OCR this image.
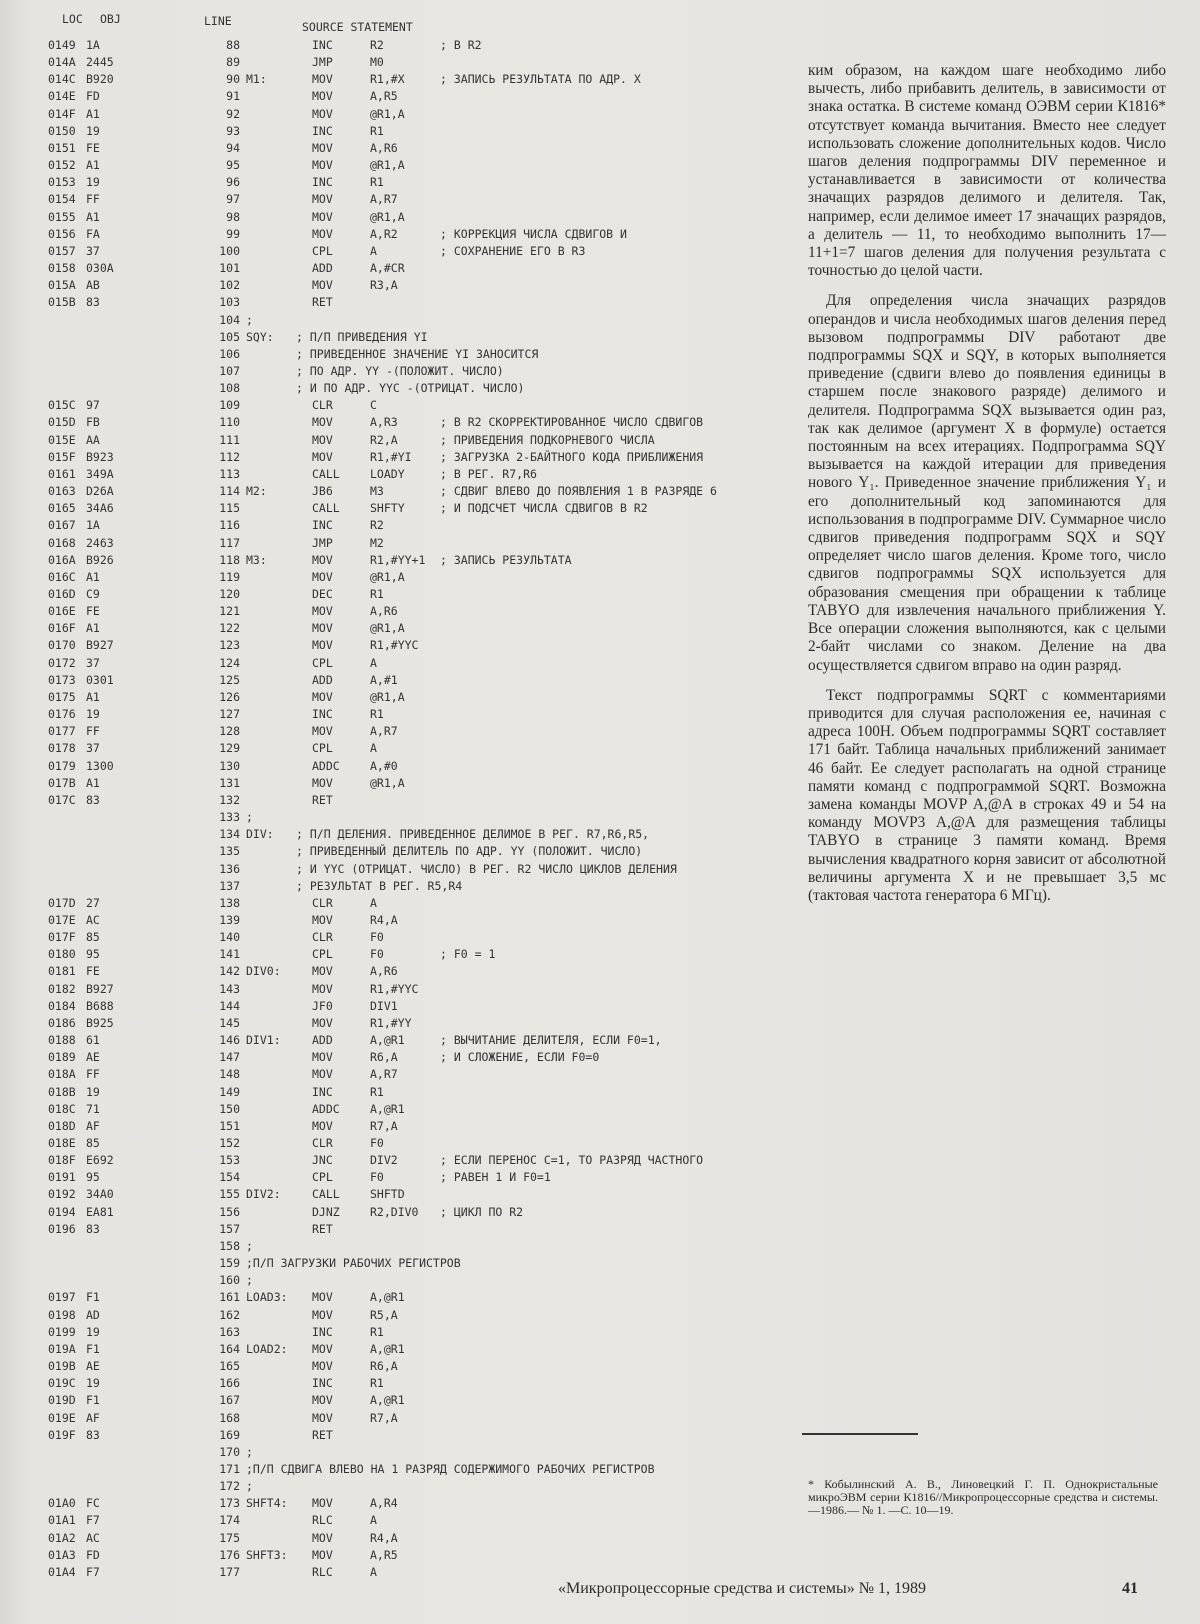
LOC OBJ	LINE	SOURCE STATEMENT
0149 1A	88	INC	R2	; В R2
014A 2445	89	JMP	M0
014C B920	90 M1:	MOV	R1,#X	; ЗАПИСЬ РЕЗУЛЬТАТА ПО АДР. X
014E FD	91	MOV	A,R5
014F A1	92	MOV	@R1,A
0150 19	93	INC	R1
0151 FE	94	MOV	A,R6
0152 A1	95	MOV	@R1,A
0153 19	96	INC	R1
0154 FF	97	MOV	A,R7
0155 A1	98	MOV	@R1,A
0156 FA	99	MOV	A,R2	; КОРРЕКЦИЯ ЧИСЛА СДВИГОВ И
0157 37	100	CPL	A	; СОХРАНЕНИЕ ЕГО В R3
0158 030A	101	ADD	A,#CR
015A AB	102	MOV	R3,A
015B 83	103	RET
104 ;
105 SQY: ; П/П ПРИВЕДЕНИЯ YI
106	; ПРИВЕДЕННОЕ ЗНАЧЕНИЕ YI ЗАНОСИТСЯ
107	; ПО АДР. YY -(ПОЛОЖИТ. ЧИСЛО)
108	; И ПО АДР. YYC -(ОТРИЦАТ. ЧИСЛО)
015C 97	109	CLR	C
015D FB	110	MOV	A,R3	; В R2 СКОРРЕКТИРОВАННОЕ ЧИСЛО СДВИГОВ
015E AA	111	MOV	R2,A	; ПРИВЕДЕНИЯ ПОДКОРНЕВОГО ЧИСЛА
015F B923	112	MOV	R1,#YI ; ЗАГРУЗКА 2-БАЙТНОГО КОДА ПРИБЛИЖЕНИЯ
0161 349A	113	CALL	LOADY	; В РЕГ. R7,R6
0163 D26A	114 M2:	JB6	M3	; СДВИГ ВЛЕВО ДО ПОЯВЛЕНИЯ 1 В РАЗРЯДЕ 6
0165 34A6	115	CALL	SHFTY	; И ПОДСЧЕТ ЧИСЛА СДВИГОВ В R2
0167 1A	116	INC	R2
0168 2463	117	JMP	M2
016A B926	118 M3:	MOV	R1,#YY+1 ; ЗАПИСЬ РЕЗУЛЬТАТА
016C A1	119	MOV	@R1,A
016D C9	120	DEC	R1
016E FE	121	MOV	A,R6
016F A1	122	MOV	@R1,A
0170 B927	123	MOV	R1,#YYC
0172 37	124	CPL	A
0173 0301	125	ADD	A,#1
0175 A1	126	MOV	@R1,A
0176 19	127	INC	R1
0177 FF	128	MOV	A,R7
0178 37	129	CPL	A
0179 1300	130	ADDC	A,#0
017B A1	131	MOV	@R1,A
017C 83	132	RET
133 ;
134 DIV: ; П/П ДЕЛЕНИЯ. ПРИВЕДЕННОЕ ДЕЛИМОЕ В РЕГ. R7,R6,R5,
135	; ПРИВЕДЕННЫЙ ДЕЛИТЕЛЬ ПО АДР. YY (ПОЛОЖИТ. ЧИСЛО)
136	; И YYC (ОТРИЦАТ. ЧИСЛО) В РЕГ. R2 ЧИСЛО ЦИКЛОВ ДЕЛЕНИЯ
137	; РЕЗУЛЬТАТ В РЕГ. R5,R4
017D 27	138	CLR	A
017E AC	139	MOV	R4,A
017F 85	140	CLR	F0
0180 95	141	CPL	F0	; F0 = 1
0181 FE	142 DIV0:	MOV	A,R6
0182 B927	143	MOV	R1,#YYC
0184 B688	144	JF0	DIV1
0186 B925	145	MOV	R1,#YY
0188 61	146 DIV1:	ADD	A,@R1	; ВЫЧИТАНИЕ ДЕЛИТЕЛЯ, ЕСЛИ F0=1,
0189 AE	147	MOV	R6,A	; И СЛОЖЕНИЕ, ЕСЛИ F0=0
018A FF	148	MOV	A,R7
018B 19	149	INC	R1
018C 71	150	ADDC	A,@R1
018D AF	151	MOV	R7,A
018E 85	152	CLR	F0
018F E692	153	JNC	DIV2	; ЕСЛИ ПЕРЕНОС C=1, ТО РАЗРЯД ЧАСТНОГО
0191 95	154	CPL	F0	; РАВЕН 1 И F0=1
0192 34A0	155 DIV2:	CALL	SHFTD
0194 EA81	156	DJNZ	R2,DIV0 ; ЦИКЛ ПО R2
0196 83	157	RET
158 ;
159 ;П/П ЗАГРУЗКИ РАБОЧИХ РЕГИСТРОВ
160 ;
0197 F1	161 LOAD3: MOV	A,@R1
0198 AD	162	MOV	R5,A
0199 19	163	INC	R1
019A F1	164 LOAD2: MOV	A,@R1
019B AE	165	MOV	R6,A
019C 19	166	INC	R1
019D F1	167	MOV	A,@R1
019E AF	168	MOV	R7,A
019F 83	169	RET
170 ;
171 ;П/П СДВИГА ВЛЕВО НА 1 РАЗРЯД СОДЕРЖИМОГО РАБОЧИХ РЕГИСТРОВ
172 ;
01A0 FC	173 SHFT4: MOV	A,R4
01A1 F7	174	RLC	A
01A2 AC	175	MOV	R4,A
01A3 FD	176 SHFT3: MOV	A,R5
01A4 F7	177	RLC	A

ким образом, на каждом шаге необходимо либо вычесть, либо прибавить делитель, в зависимости от знака остатка. В системе команд ОЭВМ серии К1816* отсутствует команда вычитания. Вместо нее следует использовать сложение дополнительных кодов. Число шагов деления подпрограммы DIV переменное и устанавливается в зависимости от количества значащих разрядов делимого и делителя. Так, например, если делимое имеет 17 значащих разрядов, а делитель — 11, то необходимо выполнить 17—11+1=7 шагов деления для получения результата с точностью до целой части.

Для определения числа значащих разрядов операндов и числа необходимых шагов деления перед вызовом подпрограммы DIV работают две подпрограммы SQX и SQY, в которых выполняется приведение (сдвиги влево до появления единицы в старшем после знакового разряде) делимого и делителя. Подпрограмма SQX вызывается один раз, так как делимое (аргумент X в формуле) остается постоянным на всех итерациях. Подпрограмма SQY вызывается на каждой итерации для приведения нового Y₁. Приведенное значение приближения Y₁ и его дополнительный код запоминаются для использования в подпрограмме DIV. Суммарное число сдвигов приведения подпрограмм SQX и SQY определяет число шагов деления. Кроме того, число сдвигов подпрограммы SQX используется для образования смещения при обращении к таблице TABYO для извлечения начального приближения Y. Все операции сложения выполняются, как с целыми 2-байт числами со знаком. Деление на два осуществляется сдвигом вправо на один разряд.

Текст подпрограммы SQRT с комментариями приводится для случая расположения ее, начиная с адреса 100H. Объем подпрограммы SQRT составляет 171 байт. Таблица начальных приближений занимает 46 байт. Ее следует располагать на одной странице памяти команд с подпрограммой SQRT. Возможна замена команды MOVP A,@A в строках 49 и 54 на команду MOVP3 A,@A для размещения таблицы TABYO в странице 3 памяти команд. Время вычисления квадратного корня зависит от абсолютной величины аргумента X и не превышает 3,5 мс (тактовая частота генератора 6 МГц).

* Кобылинский А. В., Линовецкий Г. П. Однокристальные микроЭВМ серии К1816//Микропроцессорные средства и системы.—1986.— № 1. —С. 10—19.
«Микропроцессорные средства и системы» № 1, 1989	41
